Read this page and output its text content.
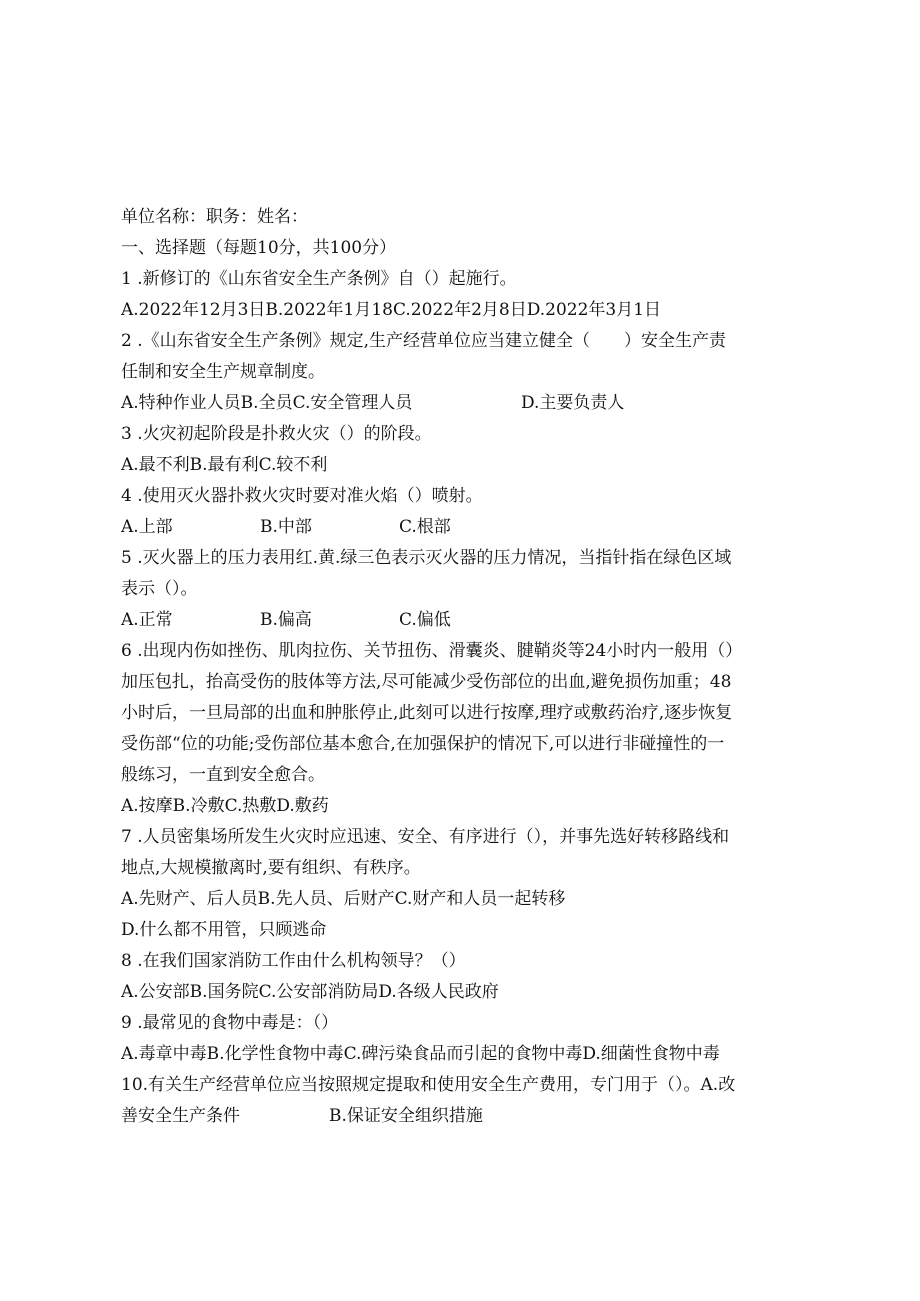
单位名称：职务：姓名：
一、选择题（每题10分，共100分）
1 .新修订的《山东省安全生产条例》自（）起施行。
A.2022年12月3日B.2022年1月18C.2022年2月8日D.2022年3月1日
2 .《山东省安全生产条例》规定,生产经营单位应当建立健全（　　）安全生产责
任制和安全生产规章制度。
A.特种作业人员B.全员C.安全管理人员	D.主要负责人
3 .火灾初起阶段是扑救火灾（）的阶段。
A.最不利B.最有利C.较不利
4 .使用灭火器扑救火灾时要对准火焰（）喷射。
A.上部	B.中部	C.根部
5 .灭火器上的压力表用红.黄.绿三色表示灭火器的压力情况，当指针指在绿色区域
表示（）。
A.正常	B.偏高	C.偏低
6 .出现内伤如挫伤、肌肉拉伤、关节扭伤、滑囊炎、腱鞘炎等24小时内一般用（）
加压包扎，抬高受伤的肢体等方法,尽可能减少受伤部位的出血,避免损伤加重；48
小时后，一旦局部的出血和肿胀停止,此刻可以进行按摩,理疗或敷药治疗,逐步恢复
受伤部“位的功能;受伤部位基本愈合,在加强保护的情况下,可以进行非碰撞性的一
般练习，一直到安全愈合。
A.按摩B.冷敷C.热敷D.敷药
7 .人员密集场所发生火灾时应迅速、安全、有序进行（），并事先选好转移路线和
地点,大规模撤离时,要有组织、有秩序。
A.先财产、后人员B.先人员、后财产C.财产和人员一起转移
D.什么都不用管，只顾逃命
8 .在我们国家消防工作由什么机构领导？（）
A.公安部B.国务院C.公安部消防局D.各级人民政府
9 .最常见的食物中毒是：（）
A.毒章中毒B.化学性食物中毒C.碑污染食品而引起的食物中毒D.细菌性食物中毒
10.有关生产经营单位应当按照规定提取和使用安全生产费用，专门用于（）。A.改
善安全生产条件	B.保证安全组织措施
